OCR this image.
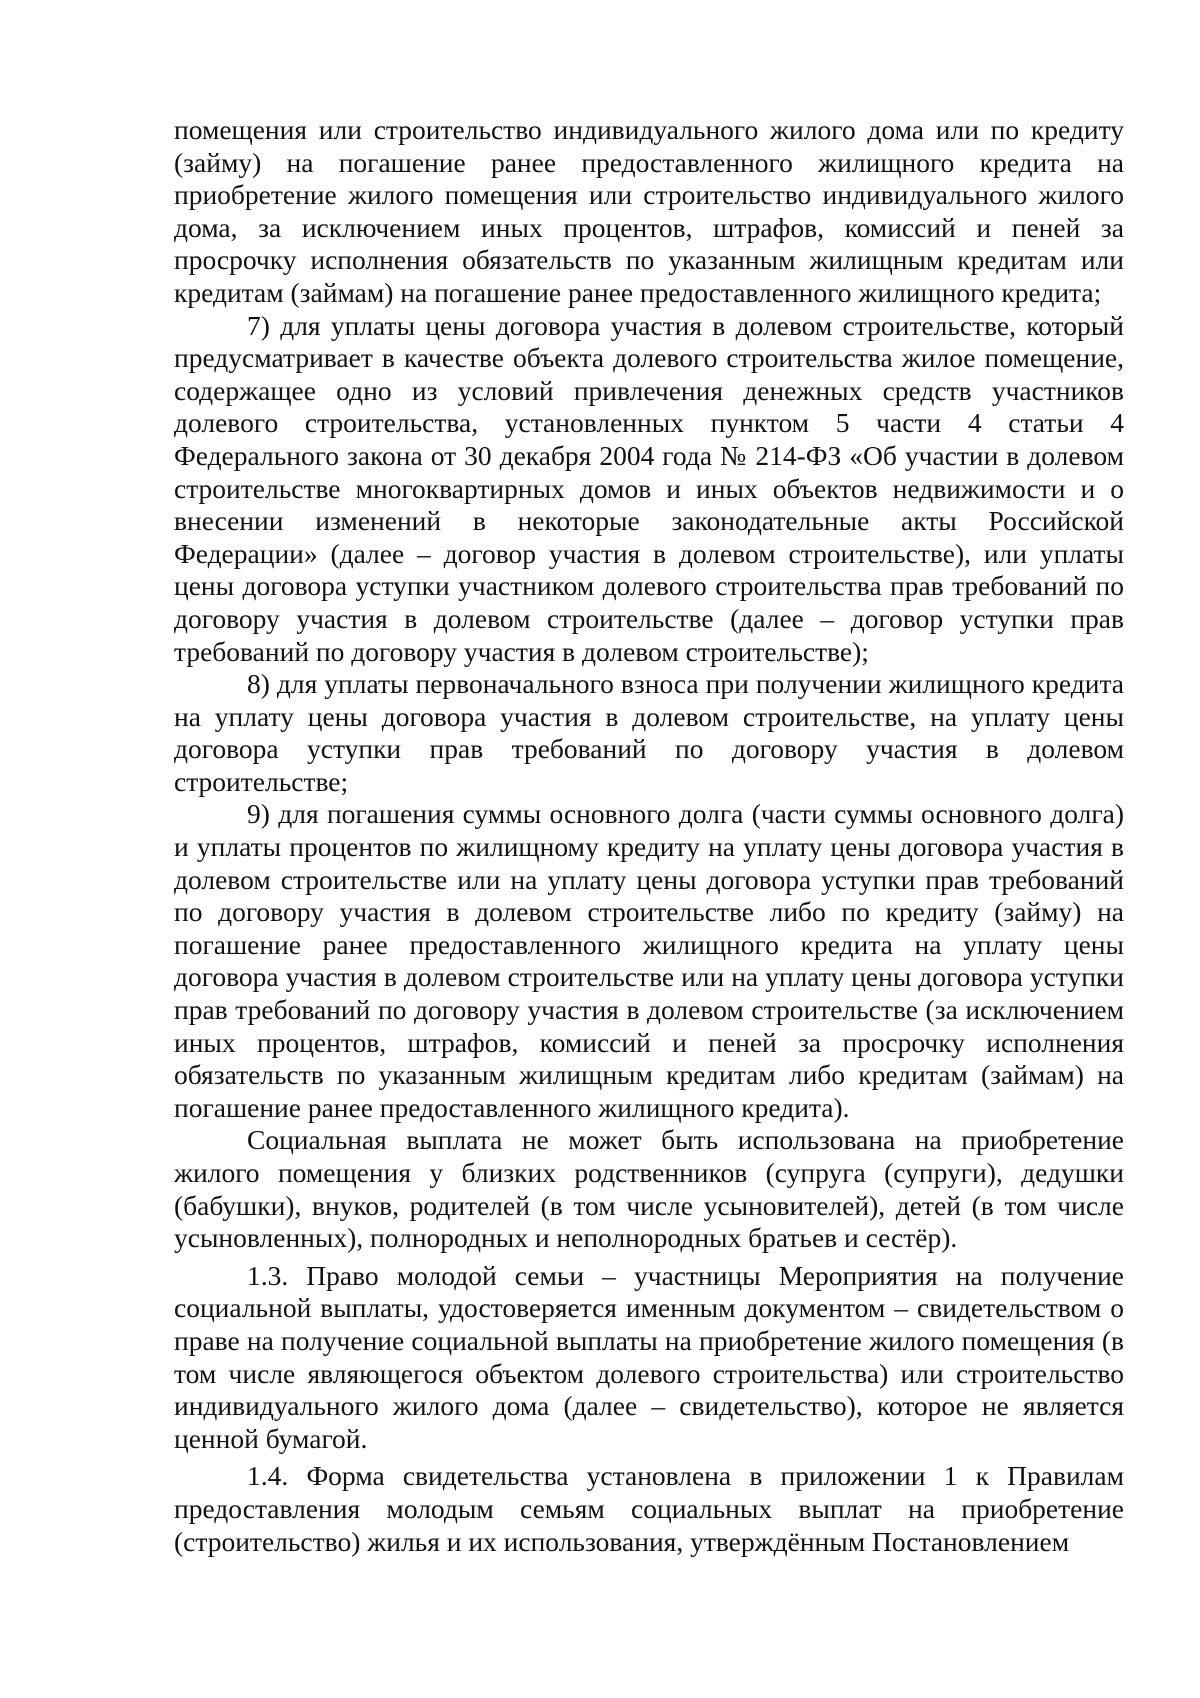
помещения или строительство индивидуального жилого дома или по кредиту (займу) на погашение ранее предоставленного жилищного кредита на приобретение жилого помещения или строительство индивидуального жилого дома, за исключением иных процентов, штрафов, комиссий и пеней за просрочку исполнения обязательств по указанным жилищным кредитам или кредитам (займам) на погашение ранее предоставленного жилищного кредита;

7) для уплаты цены договора участия в долевом строительстве, который предусматривает в качестве объекта долевого строительства жилое помещение, содержащее одно из условий привлечения денежных средств участников долевого строительства, установленных пунктом 5 части 4 статьи 4 Федерального закона от 30 декабря 2004 года № 214-ФЗ «Об участии в долевом строительстве многоквартирных домов и иных объектов недвижимости и о внесении изменений в некоторые законодательные акты Российской Федерации» (далее – договор участия в долевом строительстве), или уплаты цены договора уступки участником долевого строительства прав требований по договору участия в долевом строительстве (далее – договор уступки прав требований по договору участия в долевом строительстве);

8) для уплаты первоначального взноса при получении жилищного кредита на уплату цены договора участия в долевом строительстве, на уплату цены договора уступки прав требований по договору участия в долевом строительстве;

9) для погашения суммы основного долга (части суммы основного долга) и уплаты процентов по жилищному кредиту на уплату цены договора участия в долевом строительстве или на уплату цены договора уступки прав требований по договору участия в долевом строительстве либо по кредиту (займу) на погашение ранее предоставленного жилищного кредита на уплату цены договора участия в долевом строительстве или на уплату цены договора уступки прав требований по договору участия в долевом строительстве (за исключением иных процентов, штрафов, комиссий и пеней за просрочку исполнения обязательств по указанным жилищным кредитам либо кредитам (займам) на погашение ранее предоставленного жилищного кредита).

Социальная выплата не может быть использована на приобретение жилого помещения у близких родственников (супруга (супруги), дедушки (бабушки), внуков, родителей (в том числе усыновителей), детей (в том числе усыновленных), полнородных и неполнородных братьев и сестёр).

1.3. Право молодой семьи – участницы Мероприятия на получение социальной выплаты, удостоверяется именным документом – свидетельством о праве на получение социальной выплаты на приобретение жилого помещения (в том числе являющегося объектом долевого строительства) или строительство индивидуального жилого дома (далее – свидетельство), которое не является ценной бумагой.

1.4. Форма свидетельства установлена в приложении 1 к Правилам предоставления молодым семьям социальных выплат на приобретение (строительство) жилья и их использования, утверждённым Постановлением
